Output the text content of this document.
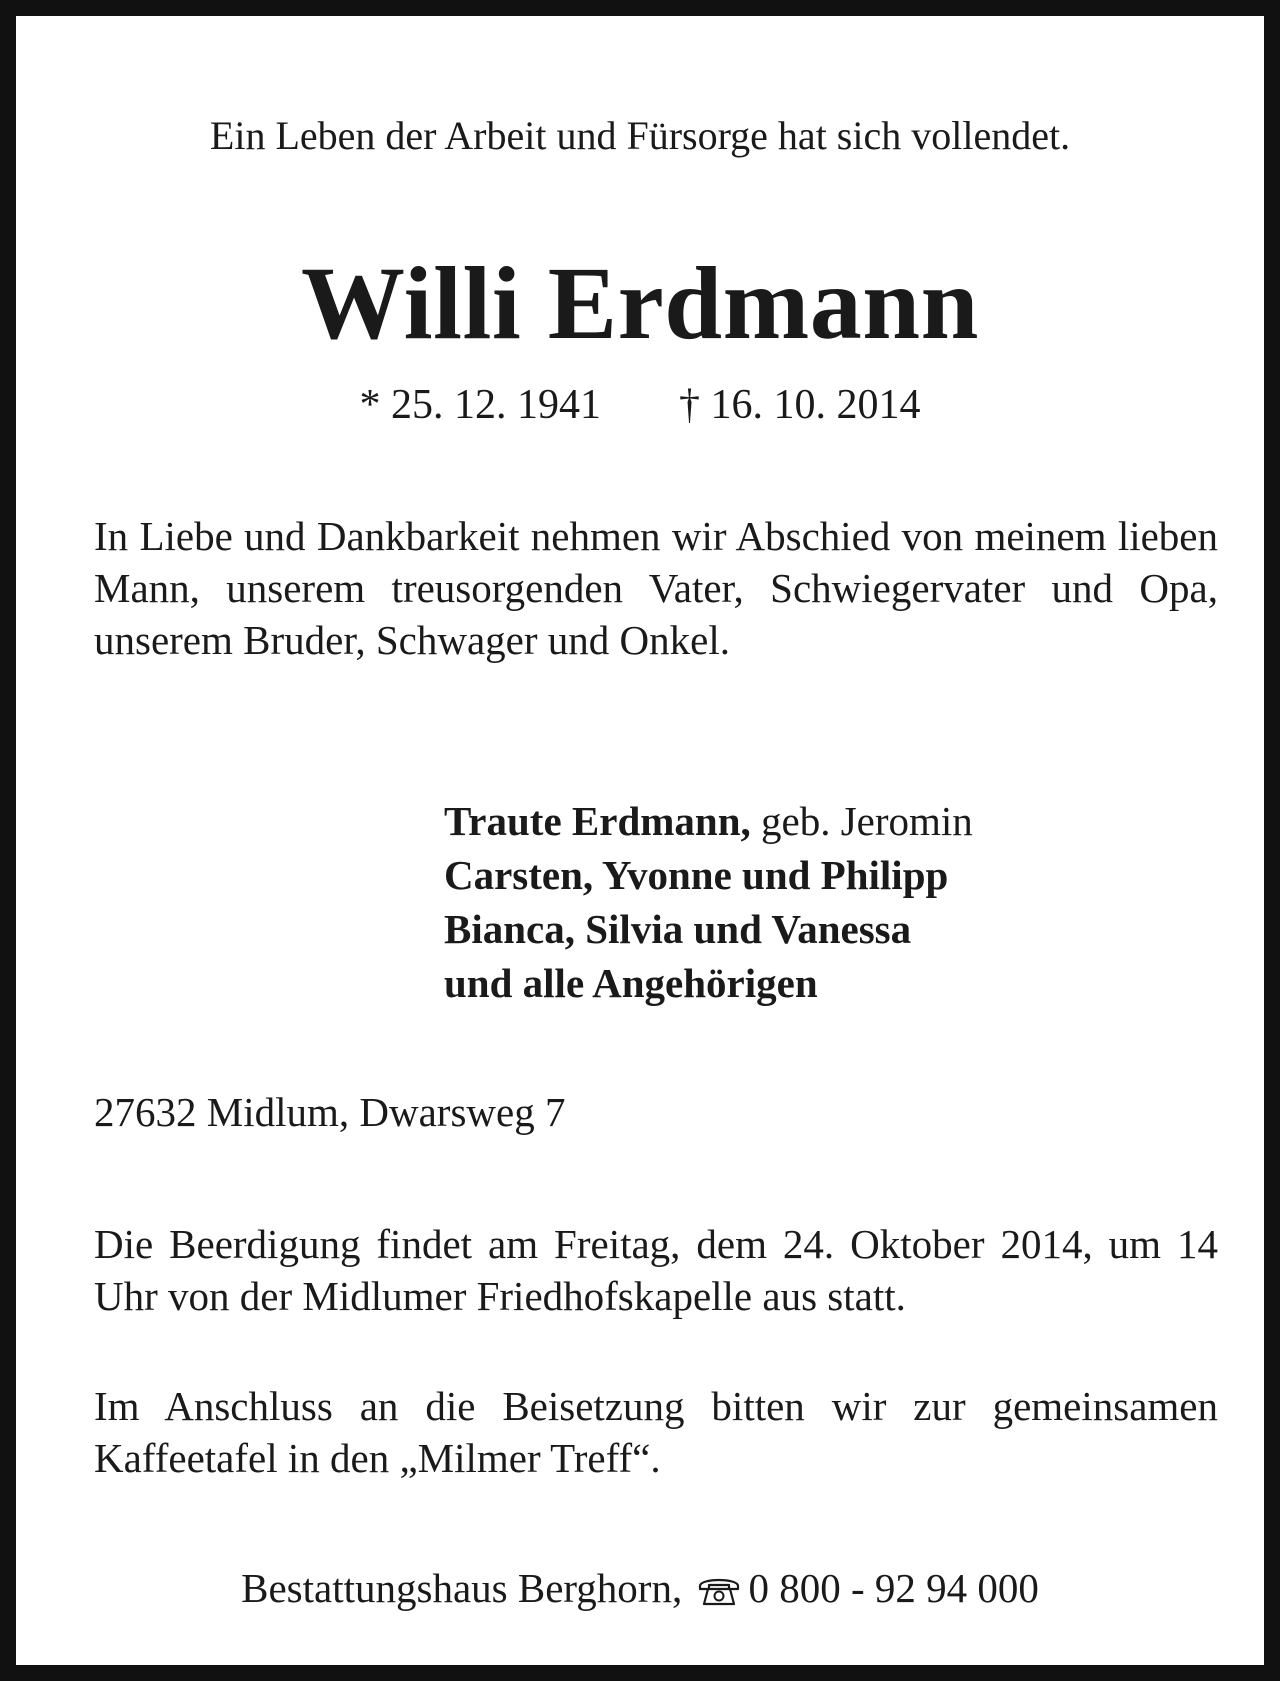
Ein Leben der Arbeit und Fürsorge hat sich vollendet.
Willi Erdmann
* 25. 12. 1941 † 16. 10. 2014
In Liebe und Dankbarkeit nehmen wir Abschied von meinem lieben Mann, unserem treusorgenden Vater, Schwiegervater und Opa, unserem Bruder, Schwager und Onkel.
Traute Erdmann, geb. Jeromin
Carsten, Yvonne und Philipp
Bianca, Silvia und Vanessa
und alle Angehörigen
27632 Midlum, Dwarsweg 7
Die Beerdigung findet am Freitag, dem 24. Oktober 2014, um 14 Uhr von der Midlumer Friedhofskapelle aus statt.
Im Anschluss an die Beisetzung bitten wir zur gemeinsamen Kaffeetafel in den „Milmer Treff“.
Bestattungshaus Berghorn, 0 800 - 92 94 000
